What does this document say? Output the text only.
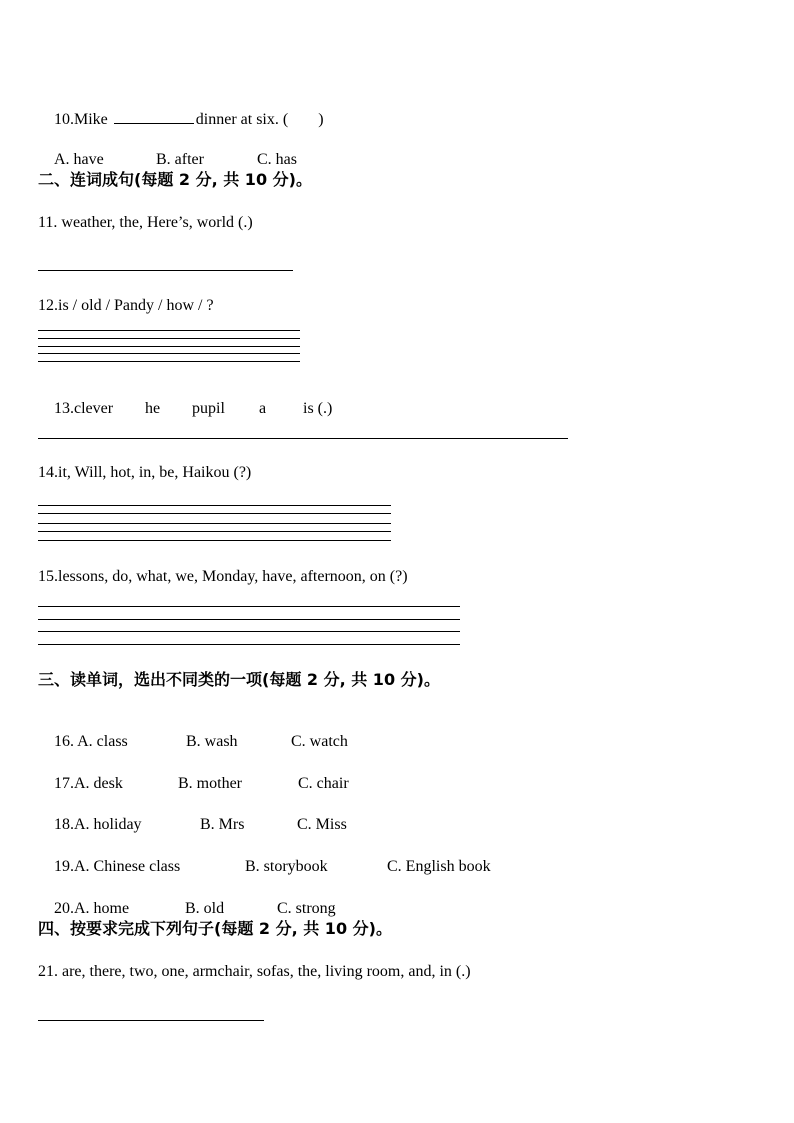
10.Mike	dinner at six. ( )

A. have	B. after	C. has

二、连词成句(每题 2 分, 共 10 分)。
11. weather, the, Here’s, world (.)
12.is / old / Pandy / how / ?

13.clever he pupil a is (.)

14.it, Will, hot, in, be, Haikou (?)
15.lessons, do, what, we, Monday, have, afternoon, on (?)
三、读单词，选出不同类的一项(每题 2 分, 共 10 分)。

16. A. class	B. wash	C. watch

17.A. desk	B. mother	C. chair

18.A. holiday	B. Mrs	C. Miss

19.A. Chinese class	B. storybook	C. English book

20.A. home	B. old	C. strong

四、按要求完成下列句子(每题 2 分, 共 10 分)。
21. are, there, two, one, armchair, sofas, the, living room, and, in (.)
